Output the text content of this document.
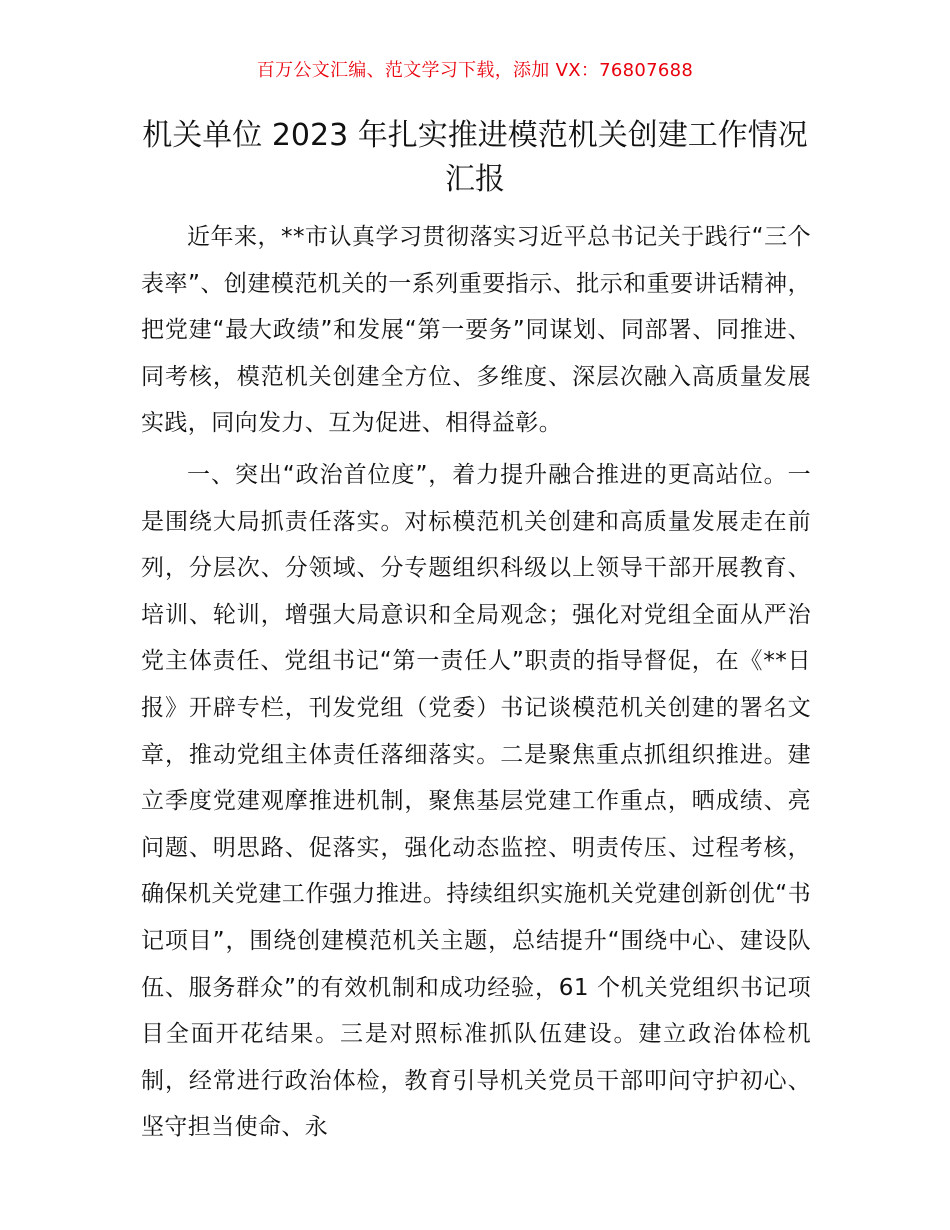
百万公文汇编、范文学习下载，添加 VX：76807688
机关单位 2023 年扎实推进模范机关创建工作情况汇报

近年来，**市认真学习贯彻落实习近平总书记关于践行“三个表率”、创建模范机关的一系列重要指示、批示和重要讲话精神，把党建“最大政绩”和发展“第一要务”同谋划、同部署、同推进、同考核，模范机关创建全方位、多维度、深层次融入高质量发展实践，同向发力、互为促进、相得益彰。

一、突出“政治首位度”，着力提升融合推进的更高站位。一是围绕大局抓责任落实。对标模范机关创建和高质量发展走在前列，分层次、分领域、分专题组织科级以上领导干部开展教育、培训、轮训，增强大局意识和全局观念；强化对党组全面从严治党主体责任、党组书记“第一责任人”职责的指导督促，在《**日报》开辟专栏，刊发党组（党委）书记谈模范机关创建的署名文章，推动党组主体责任落细落实。二是聚焦重点抓组织推进。建立季度党建观摩推进机制，聚焦基层党建工作重点，晒成绩、亮问题、明思路、促落实，强化动态监控、明责传压、过程考核，确保机关党建工作强力推进。持续组织实施机关党建创新创优“书记项目”，围绕创建模范机关主题，总结提升“围绕中心、建设队伍、服务群众”的有效机制和成功经验，61 个机关党组织书记项目全面开花结果。三是对照标准抓队伍建设。建立政治体检机制，经常进行政治体检，教育引导机关党员干部叩问守护初心、坚守担当使命、永
